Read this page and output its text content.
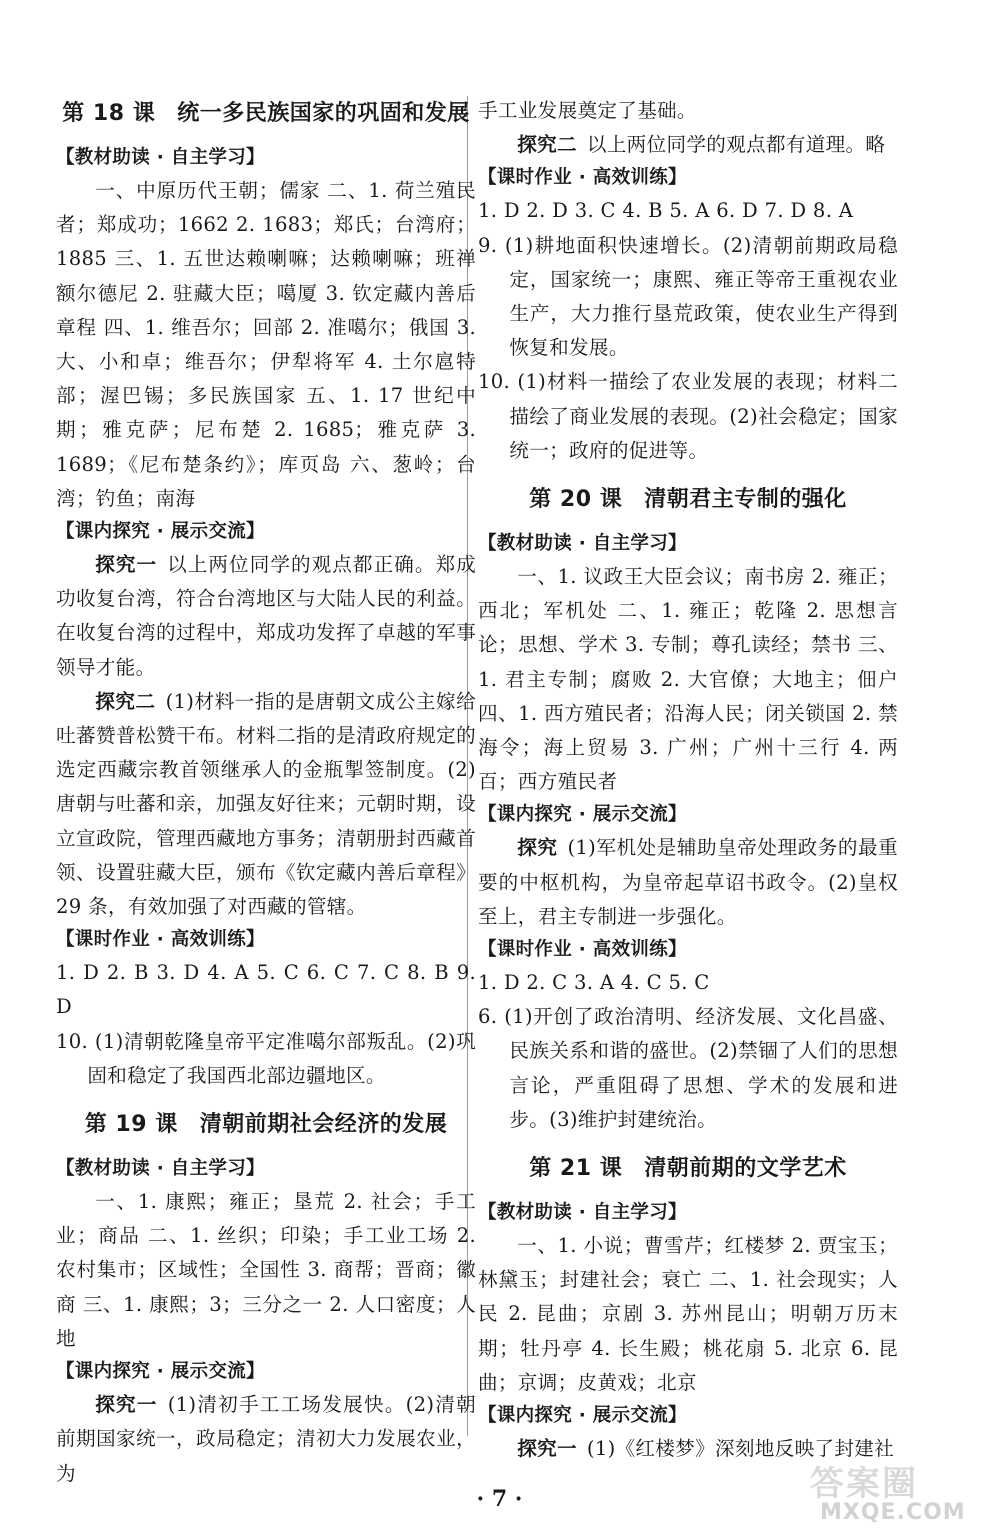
第 18 课 统一多民族国家的巩固和发展
【教材助读 · 自主学习】
一、中原历代王朝；儒家 二、1. 荷兰殖民者；郑成功；1662 2. 1683；郑氏；台湾府；1885 三、1. 五世达赖喇嘛；达赖喇嘛；班禅额尔德尼 2. 驻藏大臣；噶厦 3. 钦定藏内善后章程 四、1. 维吾尔；回部 2. 准噶尔；俄国 3. 大、小和卓；维吾尔；伊犁将军 4. 土尔扈特部；渥巴锡；多民族国家 五、1. 17 世纪中期；雅克萨；尼布楚 2. 1685；雅克萨 3. 1689；《尼布楚条约》；库页岛 六、葱岭；台湾；钓鱼；南海
【课内探究 · 展示交流】
探究一 以上两位同学的观点都正确。郑成功收复台湾，符合台湾地区与大陆人民的利益。在收复台湾的过程中，郑成功发挥了卓越的军事领导才能。
探究二 (1)材料一指的是唐朝文成公主嫁给吐蕃赞普松赞干布。材料二指的是清政府规定的选定西藏宗教首领继承人的金瓶掣签制度。(2)唐朝与吐蕃和亲，加强友好往来；元朝时期，设立宣政院，管理西藏地方事务；清朝册封西藏首领、设置驻藏大臣，颁布《钦定藏内善后章程》29 条，有效加强了对西藏的管辖。
【课时作业 · 高效训练】
1. D 2. B 3. D 4. A 5. C 6. C 7. C 8. B 9. D
10. (1)清朝乾隆皇帝平定准噶尔部叛乱。(2)巩固和稳定了我国西北部边疆地区。
第 19 课 清朝前期社会经济的发展
【教材助读 · 自主学习】
一、1. 康熙；雍正；垦荒 2. 社会；手工业；商品 二、1. 丝织；印染；手工业工场 2. 农村集市；区域性；全国性 3. 商帮；晋商；徽商 三、1. 康熙；3；三分之一 2. 人口密度；人地
【课内探究 · 展示交流】
探究一 (1)清初手工工场发展快。(2)清朝前期国家统一，政局稳定；清初大力发展农业，为
手工业发展奠定了基础。
探究二 以上两位同学的观点都有道理。略
【课时作业 · 高效训练】
1. D 2. D 3. C 4. B 5. A 6. D 7. D 8. A
9. (1)耕地面积快速增长。(2)清朝前期政局稳定，国家统一；康熙、雍正等帝王重视农业生产，大力推行垦荒政策，使农业生产得到恢复和发展。
10. (1)材料一描绘了农业发展的表现；材料二描绘了商业发展的表现。(2)社会稳定；国家统一；政府的促进等。
第 20 课 清朝君主专制的强化
【教材助读 · 自主学习】
一、1. 议政王大臣会议；南书房 2. 雍正；西北；军机处 二、1. 雍正；乾隆 2. 思想言论；思想、学术 3. 专制；尊孔读经；禁书 三、1. 君主专制；腐败 2. 大官僚；大地主；佃户 四、1. 西方殖民者；沿海人民；闭关锁国 2. 禁海令；海上贸易 3. 广州；广州十三行 4. 两百；西方殖民者
【课内探究 · 展示交流】
探究 (1)军机处是辅助皇帝处理政务的最重要的中枢机构，为皇帝起草诏书政令。(2)皇权至上，君主专制进一步强化。
【课时作业 · 高效训练】
1. D 2. C 3. A 4. C 5. C
6. (1)开创了政治清明、经济发展、文化昌盛、民族关系和谐的盛世。(2)禁锢了人们的思想言论，严重阻碍了思想、学术的发展和进步。(3)维护封建统治。
第 21 课 清朝前期的文学艺术
【教材助读 · 自主学习】
一、1. 小说；曹雪芹；红楼梦 2. 贾宝玉；林黛玉；封建社会；衰亡 二、1. 社会现实；人民 2. 昆曲；京剧 3. 苏州昆山；明朝万历末期；牡丹亭 4. 长生殿；桃花扇 5. 北京 6. 昆曲；京调；皮黄戏；北京
【课内探究 · 展示交流】
探究一 (1)《红楼梦》深刻地反映了封建社
· 7 ·	答案圈
MXQE.COM
